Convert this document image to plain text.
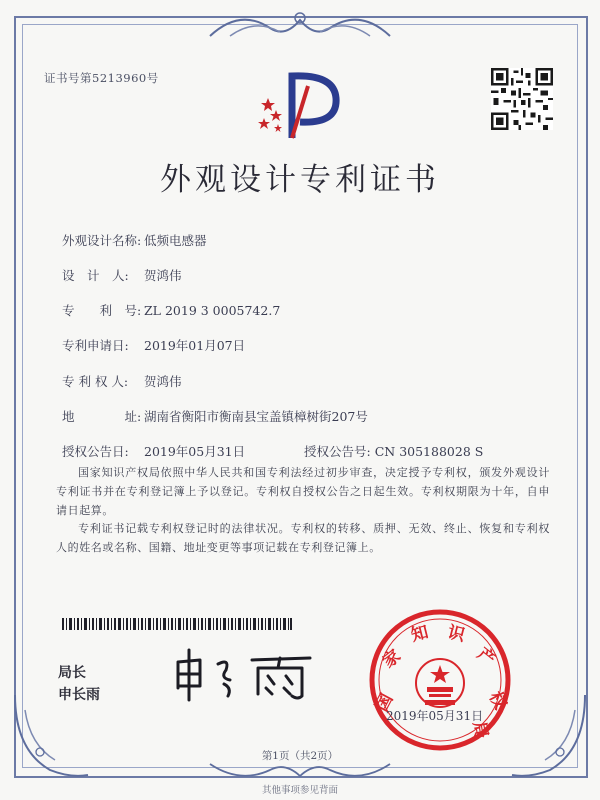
证书号第5213960号
外观设计专利证书
外观设计名称: 低频电感器
设　计　人: 贺鸿伟
专　　利　号: ZL 2019 3 0005742.7
专利申请日: 2019年01月07日
专 利 权 人: 贺鸿伟
地　　　　址: 湖南省衡阳市衡南县宝盖镇樟树街207号
授权公告日: 2019年05月31日	授权公告号: CN 305188028 S
国家知识产权局依照中华人民共和国专利法经过初步审查，决定授予专利权，颁发外观设计专利证书并在专利登记簿上予以登记。专利权自授权公告之日起生效。专利权期限为十年，自申请日起算。
专利证书记载专利权登记时的法律状况。专利权的转移、质押、无效、终止、恢复和专利权人的姓名或名称、国籍、地址变更等事项记载在专利登记簿上。
局长
申长雨	国
家
知 识
产
权
局
2019年05月31日
第1页（共2页）
其他事项参见背面
